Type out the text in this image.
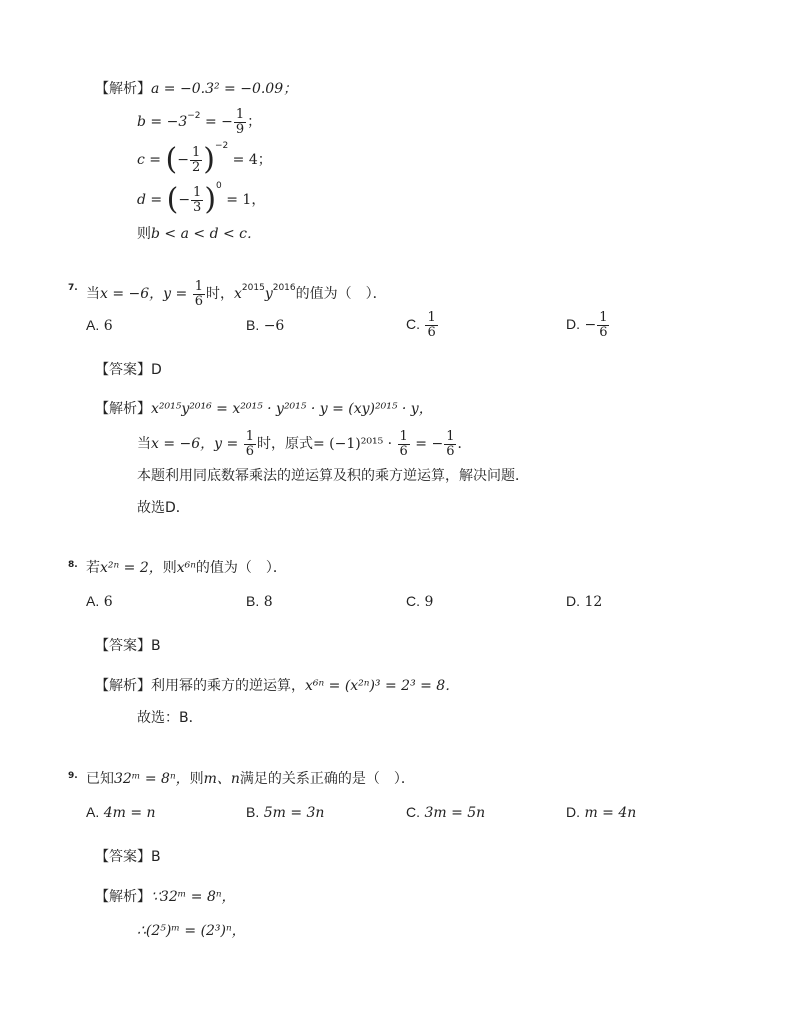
【解析】a = −0.3² = −0.09；
$b = -3^{-2}$ = − $\frac{1}{9}$ ；
c = (− $\frac{1}{2} )^{-2} = 4$；
d = (− $\frac{1}{3} )^0 = 1$，
则b < a < d < c．
7. 当x = −6，$y = \frac{1}{6}$ 时，$x^{2015}y^{2016}$的值为（　）．
A. 6	B. −6	C. $\frac{1}{6}$	D. − $\frac{1}{6}$
【答案】D
【解析】x²⁰¹⁵y²⁰¹⁶ = x²⁰¹⁵ · y²⁰¹⁵ · y = (xy)²⁰¹⁵ · y，
当x = −6，$y = \frac{1}{6}$ 时，原式= $(-1)^{2015} \cdot \frac{1}{6}$ = − $\frac{1}{6}$ ．
本题利用同底数幂乘法的逆运算及积的乘方逆运算，解决问题．
故选D．
8. 若x²ⁿ = 2，则x⁶ⁿ的值为（　）．
A. 6	B. 8	C. 9	D. 12
【答案】B
【解析】利用幂的乘方的逆运算，x⁶ⁿ = (x²ⁿ)³ = 2³ = 8．
故选：B．
9. 已知32ᵐ = 8ⁿ，则m、n满足的关系正确的是（　）．
A. 4m = n	B. 5m = 3n	C. 3m = 5n	D. m = 4n
【答案】B
【解析】∵32ᵐ = 8ⁿ，
∴(2⁵)ᵐ = (2³)ⁿ，
